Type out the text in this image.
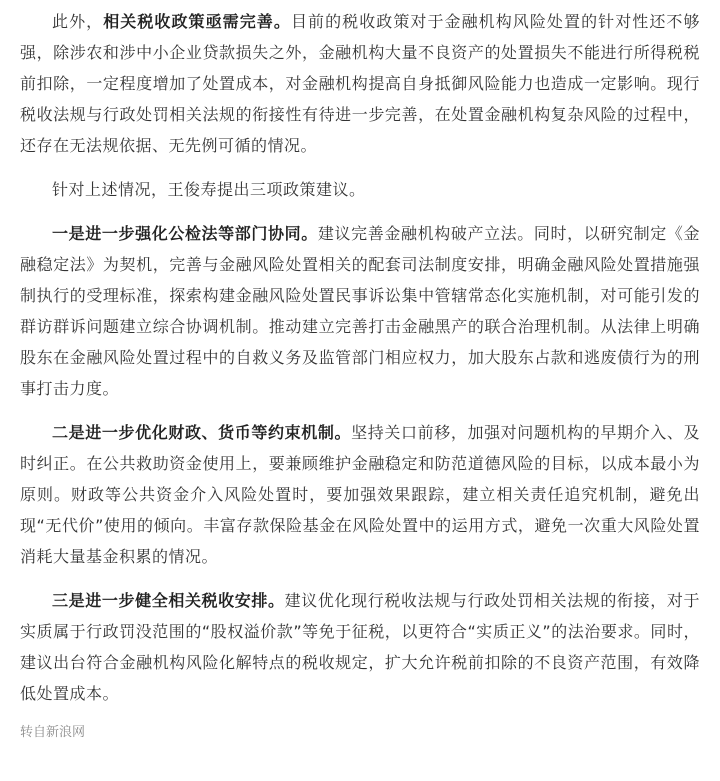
此外，相关税收政策亟需完善。目前的税收政策对于金融机构风险处置的针对性还不够强，除涉农和涉中小企业贷款损失之外，金融机构大量不良资产的处置损失不能进行所得税税前扣除，一定程度增加了处置成本，对金融机构提高自身抵御风险能力也造成一定影响。现行税收法规与行政处罚相关法规的衔接性有待进一步完善，在处置金融机构复杂风险的过程中，还存在无法规依据、无先例可循的情况。

针对上述情况，王俊寿提出三项政策建议。

一是进一步强化公检法等部门协同。建议完善金融机构破产立法。同时，以研究制定《金融稳定法》为契机，完善与金融风险处置相关的配套司法制度安排，明确金融风险处置措施强制执行的受理标准，探索构建金融风险处置民事诉讼集中管辖常态化实施机制，对可能引发的群访群诉问题建立综合协调机制。推动建立完善打击金融黑产的联合治理机制。从法律上明确股东在金融风险处置过程中的自救义务及监管部门相应权力，加大股东占款和逃废债行为的刑事打击力度。

二是进一步优化财政、货币等约束机制。坚持关口前移，加强对问题机构的早期介入、及时纠正。在公共救助资金使用上，要兼顾维护金融稳定和防范道德风险的目标，以成本最小为原则。财政等公共资金介入风险处置时，要加强效果跟踪，建立相关责任追究机制，避免出现“无代价”使用的倾向。丰富存款保险基金在风险处置中的运用方式，避免一次重大风险处置消耗大量基金积累的情况。

三是进一步健全相关税收安排。建议优化现行税收法规与行政处罚相关法规的衔接，对于实质属于行政罚没范围的“股权溢价款”等免于征税，以更符合“实质正义”的法治要求。同时，建议出台符合金融机构风险化解特点的税收规定，扩大允许税前扣除的不良资产范围，有效降低处置成本。

转自新浪网
